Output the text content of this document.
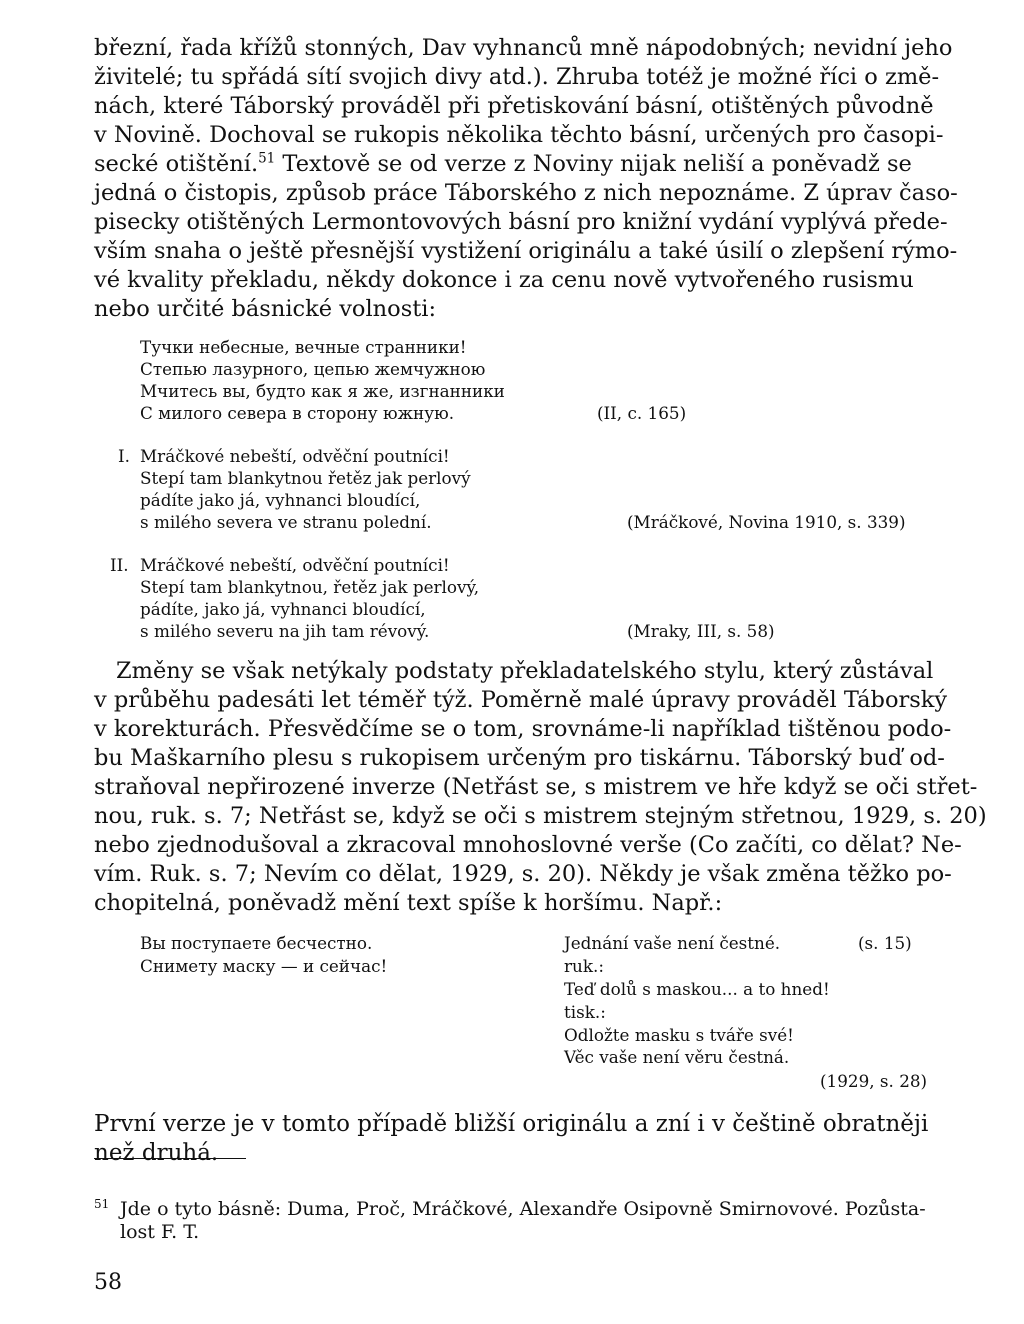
březní, řada křížů stonných, Dav vyhnanců mně nápodobných; nevidní jeho
živitelé; tu spřádá sítí svojich divy atd.). Zhruba totéž je možné říci o změ-
nách, které Táborský prováděl při přetiskování básní, otištěných původně
v Novině. Dochoval se rukopis několika těchto básní, určených pro časopi-
secké otištění.$^{51}$ Textově se od verze z Noviny nijak neliší a poněvadž se
jedná o čistopis, způsob práce Táborského z nich nepoznáme. Z úprav časo-
pisecky otištěných Lermontovových básní pro knižní vydání vyplývá přede-
vším snaha o ještě přesnější vystižení originálu a také úsilí o zlepšení rýmo-
vé kvality překladu, někdy dokonce i za cenu nově vytvořeného rusismu
nebo určité básnické volnosti:
Тучки небесные, вечные странники!
Степью лазурного, цепью жемчужною
Мчитесь вы, будто как я же, изгнанники
С милого севера в сторону южную.	(II, c. 165)
I. Mráčkové nebeští, odvěční poutníci!
Stepí tam blankytnou řetěz jak perlový
pádíte jako já, vyhnanci bloudící,
s milého severa ve stranu polední.	(Mráčkové, Novina 1910, s. 339)
II. Mráčkové nebeští, odvěční poutníci!
Stepí tam blankytnou, řetěz jak perlový,
pádíte, jako já, vyhnanci bloudící,
s milého severu na jih tam révový.	(Mraky, III, s. 58)
Změny se však netýkaly podstaty překladatelského stylu, který zůstával
v průběhu padesáti let téměř týž. Poměrně malé úpravy prováděl Táborský
v korekturách. Přesvědčíme se o tom, srovnáme-li například tištěnou podo-
bu Maškarního plesu s rukopisem určeným pro tiskárnu. Táborský buď od-
straňoval nepřirozené inverze (Netřást se, s mistrem ve hře když se oči střet-
nou, ruk. s. 7; Netřást se, když se oči s mistrem stejným střetnou, 1929, s. 20)
nebo zjednodušoval a zkracoval mnohoslovné verše (Co začíti, co dělat? Ne-
vím. Ruk. s. 7; Nevím co dělat, 1929, s. 20). Někdy je však změna těžko po-
chopitelná, poněvadž mění text spíše k horšímu. Např.:
Вы поступаете бесчестно.
Снимету маску — и сейчас!
Jednání vaše není čestné.	(s. 15)
ruk.:
Teď dolů s maskou... a to hned!
tisk.:
Odložte masku s tváře své!
Věc vaše není věru čestná.
(1929, s. 28)
První verze je v tomto případě bližší originálu a zní i v češtině obratněji
než druhá.
51 Jde o tyto básně: Duma, Proč, Mráčkové, Alexandře Osipovně Smirnovové. Pozůsta-
lost F. T.
58
